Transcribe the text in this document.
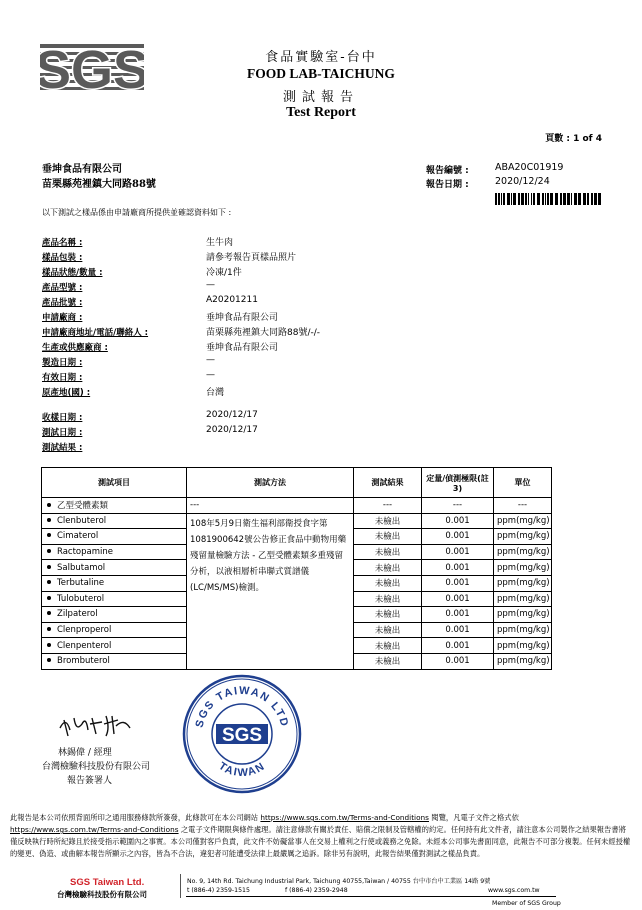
SGS	食品實驗室-台中
FOOD LAB-TAICHUNG
測試報告
Test Report
頁數 : 1 of 4
垂坤食品有限公司
苗栗縣苑裡鎮大同路88號
報告編號 :	ABA20C01919
報告日期 :	2020/12/24
以下測試之樣品係由申請廠商所提供並確認資料如下 :
產品名稱 :	生牛肉
樣品包裝 :	請參考報告頁樣品照片
樣品狀態/數量 :	冷凍/1件
產品型號 :	—
產品批號 :	A20201211
申請廠商 :	垂坤食品有限公司
申請廠商地址/電話/聯絡人 :	苗栗縣苑裡鎮大同路88號/-/-
生產或供應廠商 :	垂坤食品有限公司
製造日期 :	—
有效日期 :	—
原產地(國) :	台灣
收樣日期 :	2020/12/17
測試日期 :	2020/12/17
測試結果 :
測試項目	測試方法	測試結果	定量/偵測極限(註3)	單位
乙型受體素類	---	---	---	---
Clenbuterol	108年5月9日衛生福利部衛授食字第1081900642號公告修正食品中動物用藥殘留量檢驗方法 - 乙型受體素類多重殘留分析，以液相層析串聯式質譜儀(LC/MS/MS)檢測。	未檢出	0.001	ppm(mg/kg)
Cimaterol		未檢出	0.001	ppm(mg/kg)
Ractopamine		未檢出	0.001	ppm(mg/kg)
Salbutamol		未檢出	0.001	ppm(mg/kg)
Terbutaline		未檢出	0.001	ppm(mg/kg)
Tulobuterol		未檢出	0.001	ppm(mg/kg)
Zilpaterol		未檢出	0.001	ppm(mg/kg)
Clenproperol		未檢出	0.001	ppm(mg/kg)
Clenpenterol		未檢出	0.001	ppm(mg/kg)
Brombuterol		未檢出	0.001	ppm(mg/kg)
林錫偉 / 經理
台灣檢驗科技股份有限公司
報告簽署人
SGS TAIWAN LTD
TAIWAN
SGS
此報告是本公司依照背面所印之通用服務條款所簽發，此條款可在本公司網站 https://www.sgs.com.tw/Terms-and-Conditions 閱覽，凡電子文件之格式依https://www.sgs.com.tw/Terms-and-Conditions 之電子文件期限與條件處理。請注意條款有關於責任、賠償之限制及管轄權的約定。任何持有此文件者，請注意本公司製作之結果報告書將僅反映執行時所紀錄且於接受指示範圍內之事實。本公司僅對客戶負責，此文件不妨礙當事人在交易上權利之行使或義務之免除。未經本公司事先書面同意，此報告不可部分複製。任何未經授權的變更、偽造、或曲解本報告所顯示之內容，皆為不合法，違犯者可能遭受法律上最嚴厲之追訴。除非另有說明，此報告結果僅對測試之樣品負責。
SGS Taiwan Ltd.
台灣檢驗科技股份有限公司
No. 9, 14th Rd. Taichung Industrial Park, Taichung 40755,Taiwan / 40755 台中市台中工業區 14路 9號
t (886-4) 2359-1515	f (886-4) 2359-2948	www.sgs.com.tw
Member of SGS Group
